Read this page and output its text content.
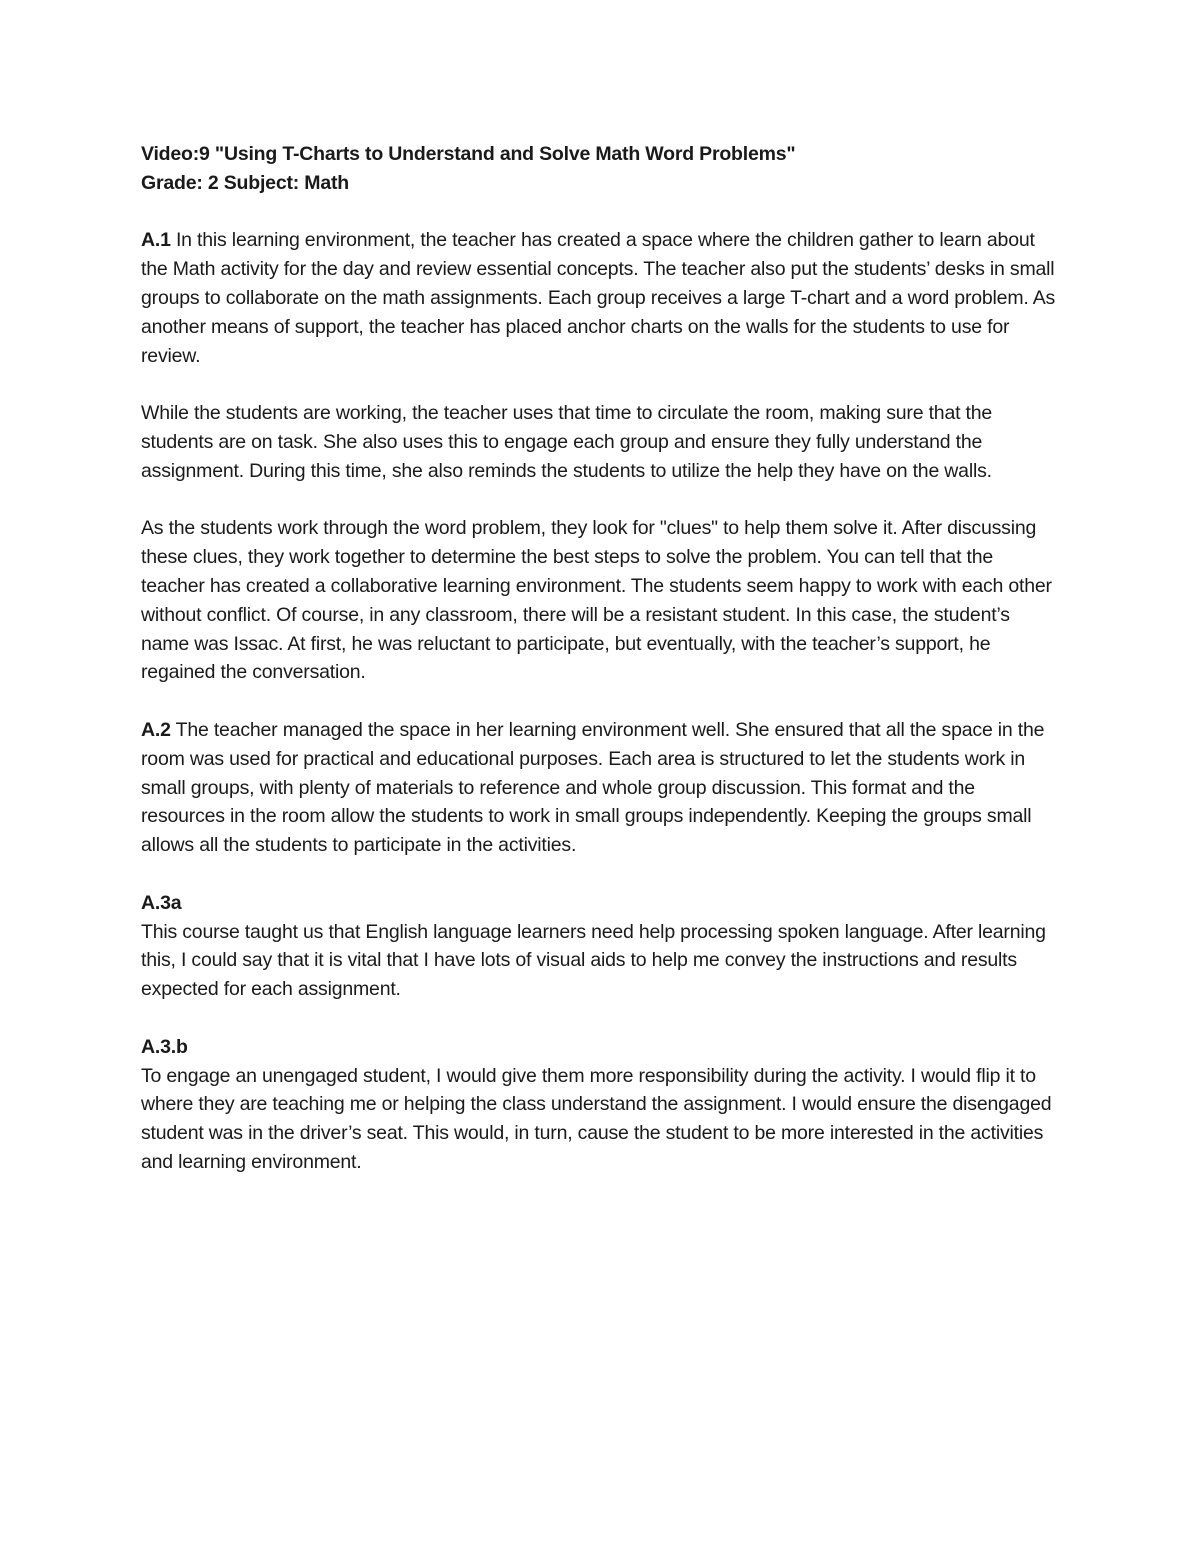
Video:9 "Using T-Charts to Understand and Solve Math Word Problems"

Grade: 2 Subject: Math

A.1 In this learning environment, the teacher has created a space where the children gather to learn about the Math activity for the day and review essential concepts. The teacher also put the students’ desks in small groups to collaborate on the math assignments. Each group receives a large T-chart and a word problem. As another means of support, the teacher has placed anchor charts on the walls for the students to use for review.

While the students are working, the teacher uses that time to circulate the room, making sure that the students are on task. She also uses this to engage each group and ensure they fully understand the assignment. During this time, she also reminds the students to utilize the help they have on the walls.

As the students work through the word problem, they look for "clues" to help them solve it. After discussing these clues, they work together to determine the best steps to solve the problem. You can tell that the teacher has created a collaborative learning environment. The students seem happy to work with each other without conflict. Of course, in any classroom, there will be a resistant student. In this case, the student’s name was Issac. At first, he was reluctant to participate, but eventually, with the teacher’s support, he regained the conversation.

A.2 The teacher managed the space in her learning environment well. She ensured that all the space in the room was used for practical and educational purposes. Each area is structured to let the students work in small groups, with plenty of materials to reference and whole group discussion. This format and the resources in the room allow the students to work in small groups independently. Keeping the groups small allows all the students to participate in the activities.

A.3a
This course taught us that English language learners need help processing spoken language. After learning this, I could say that it is vital that I have lots of visual aids to help me convey the instructions and results expected for each assignment.
A.3.b
To engage an unengaged student, I would give them more responsibility during the activity. I would flip it to where they are teaching me or helping the class understand the assignment. I would ensure the disengaged student was in the driver’s seat. This would, in turn, cause the student to be more interested in the activities and learning environment.
